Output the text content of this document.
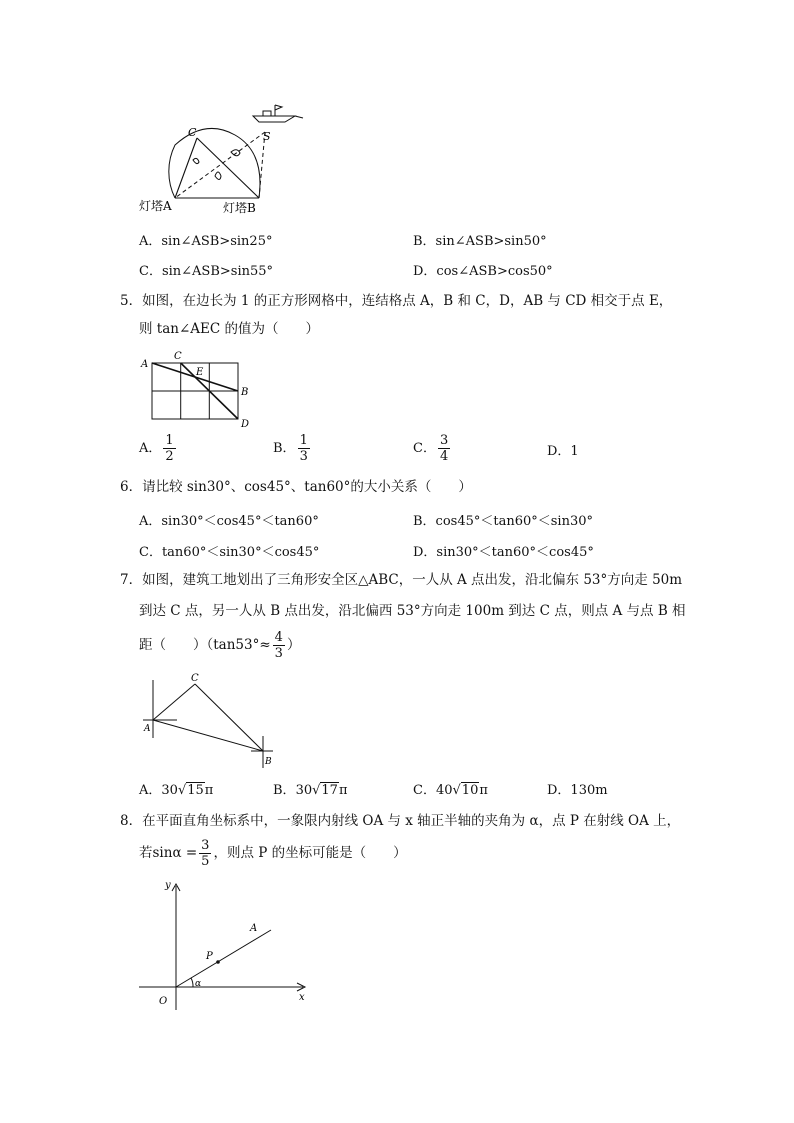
C	S
灯塔A	灯塔B
A．sin∠ASB>sin25°	B．sin∠ASB>sin50°
C．sin∠ASB>sin55°	D．cos∠ASB>cos50°
5．如图，在边长为 1 的正方形网格中，连结格点 A，B 和 C，D，AB 与 CD 相交于点 E，
则 tan∠AEC 的值为（　　）
A
C
E
B
D
A． $\frac{1}{2}$	B． $\frac{1}{3}$	C． $\frac{3}{4}$	D．1
6．请比较 sin30°、cos45°、tan60°的大小关系（　　）
A．sin30°＜cos45°＜tan60°	B．cos45°＜tan60°＜sin30°
C．tan60°＜sin30°＜cos45°	D．sin30°＜tan60°＜cos45°
7．如图，建筑工地划出了三角形安全区△ABC，一人从 A 点出发，沿北偏东 53°方向走 50m
到达 C 点，另一人从 B 点出发，沿北偏西 53°方向走 100m 到达 C 点，则点 A 与点 B 相
距（　　）（$\tan 53^\circ\approx \frac{4}{3}$ ）
C
A
B
A．30√15π	B．30√17π	C．40√10π	D．130m
8．在平面直角坐标系中，一象限内射线 OA 与 x 轴正半轴的夹角为 α，点 P 在射线 OA 上，
若$\sin\alpha = \frac{3}{5}$ ，则点 P 的坐标可能是（　　）
y
x
O
A
P
α
